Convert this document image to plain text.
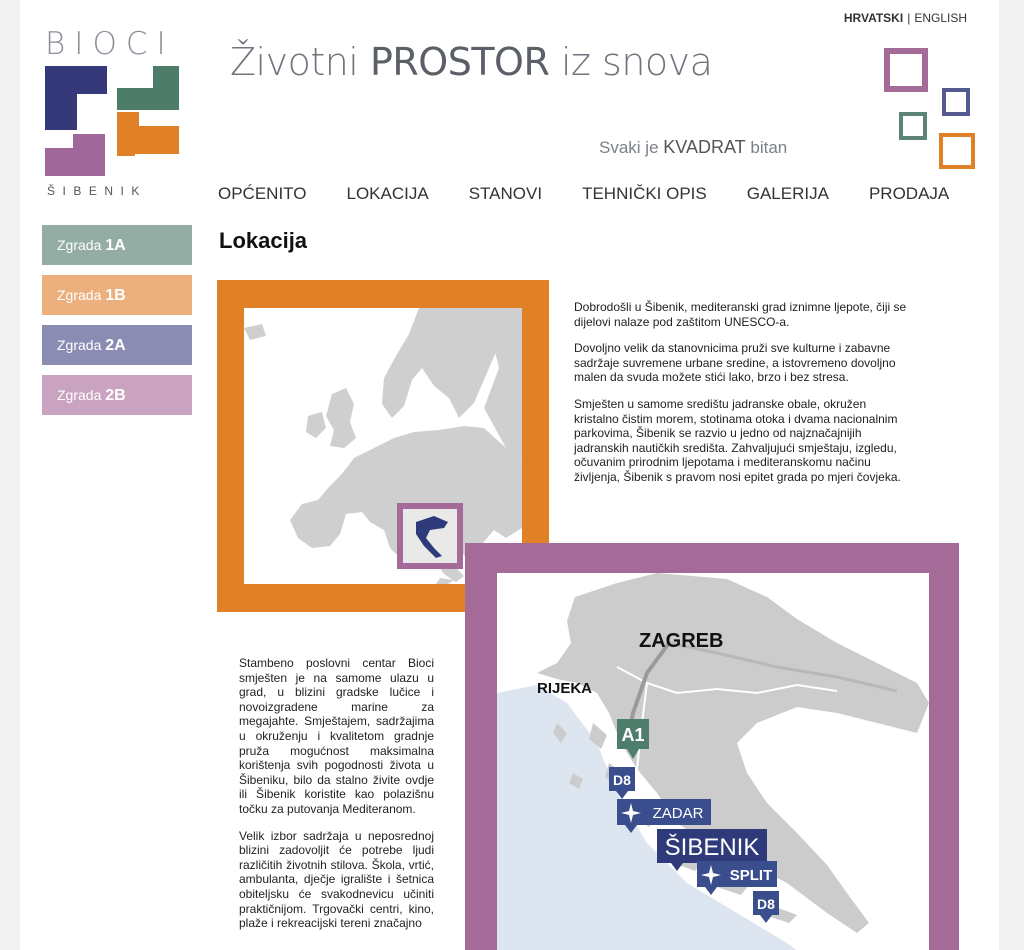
BIOCI
ŠIBENIK
Životni PROSTOR iz snova
HRVATSKI | ENGLISH
Svaki je KVADRAT bitan
OPĆENITO LOKACIJA STANOVI TEHNIČKI OPIS GALERIJA PRODAJA
Zgrada 1A
Zgrada 1B
Zgrada 2A
Zgrada 2B
Lokacija

Dobrodošli u Šibenik, mediteranski grad iznimne ljepote, čiji se dijelovi nalaze pod zaštitom UNESCO-a.

Dovoljno velik da stanovnicima pruži sve kulturne i zabavne sadržaje suvremene urbane sredine, a istovremeno dovoljno malen da svuda možete stići lako, brzo i bez stresa.

Smješten u samome središtu jadranske obale, okružen kristalno čistim morem, stotinama otoka i dvama nacionalnim parkovima, Šibenik se razvio u jedno od najznačajnijih jadranskih nautičkih središta. Zahvaljujući smještaju, izgledu, očuvanim prirodnim ljepotama i mediteranskomu načinu življenja, Šibenik s pravom nosi epitet grada po mjeri čovjeka.

ZAGREB
RIJEKA
A1
D8
ZADAR
ŠIBENIK
SPLIT
D8

Stambeno poslovni centar Bioci smješten je na samome ulazu u grad, u blizini gradske lučice i novoizgradene marine za megajahte. Smještajem, sadržajima u okruženju i kvalitetom gradnje pruža mogućnost maksimalna korištenja svih pogodnosti života u Šibeniku, bilo da stalno živite ovdje ili Šibenik koristite kao polazišnu točku za putovanja Mediteranom.

Velik izbor sadržaja u neposrednoj blizini zadovoljit će potrebe ljudi različitih životnih stilova. Škola, vrtić, ambulanta, dječje igralište i šetnica obiteljsku će svakodnevicu učiniti praktičnijom. Trgovački centri, kino, plaže i rekreacijski tereni značajno
